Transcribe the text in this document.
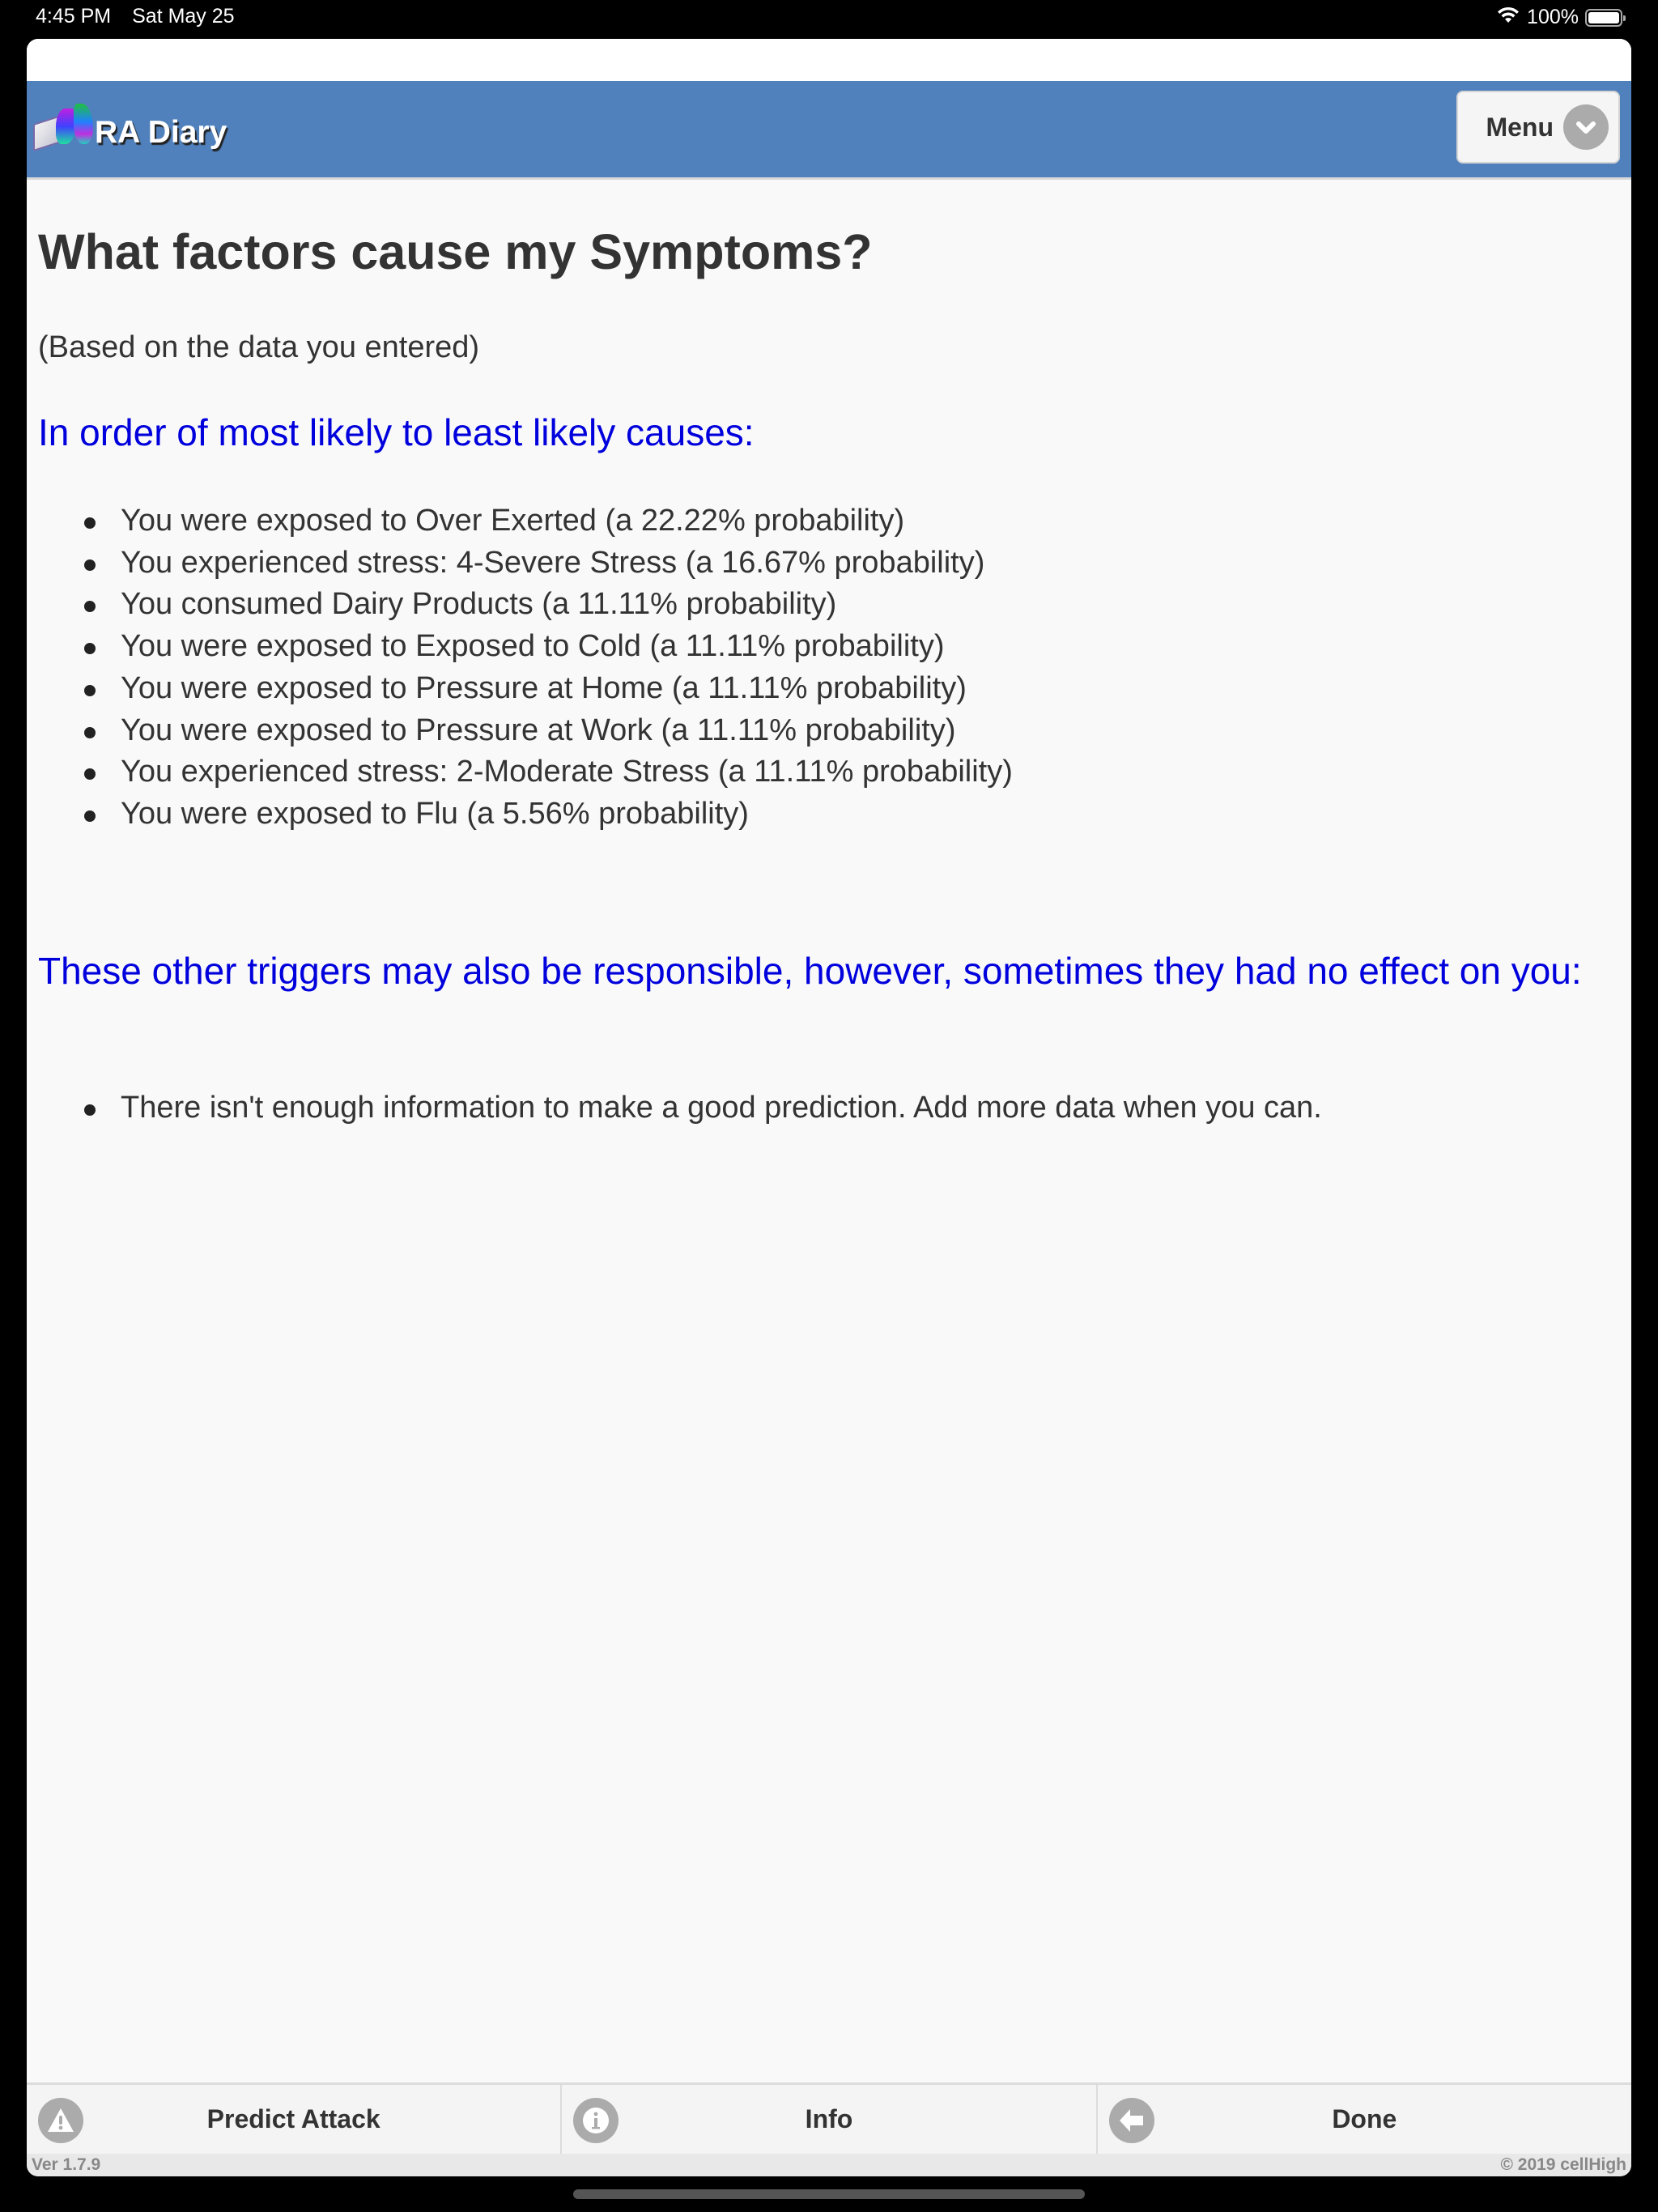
4:45 PM Sat May 25	100%
RA Diary	Menu
What factors cause my Symptoms?
(Based on the data you entered)
In order of most likely to least likely causes:
You were exposed to Over Exerted (a 22.22% probability)
You experienced stress: 4-Severe Stress (a 16.67% probability)
You consumed Dairy Products (a 11.11% probability)
You were exposed to Exposed to Cold (a 11.11% probability)
You were exposed to Pressure at Home (a 11.11% probability)
You were exposed to Pressure at Work (a 11.11% probability)
You experienced stress: 2-Moderate Stress (a 11.11% probability)
You were exposed to Flu (a 5.56% probability)
These other triggers may also be responsible, however, sometimes they had no effect on you:
There isn't enough information to make a good prediction. Add more data when you can.
Predict Attack	Info	Done
Ver 1.7.9	© 2019 cellHigh
